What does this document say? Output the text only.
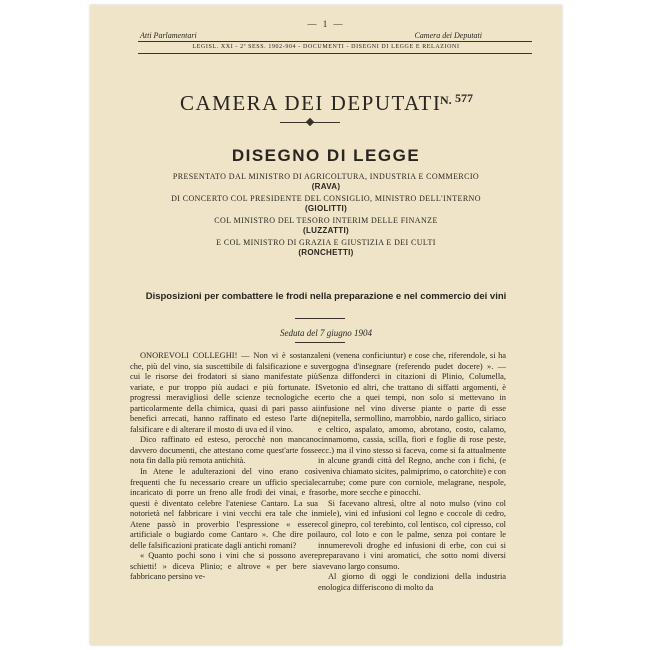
— 1 —
Atti Parlamentari	Camera dei Deputati
LEGISL. XXI - 2ª SESS. 1902-904 - DOCUMENTI - DISEGNI DI LEGGE E RELAZIONI
CAMERA DEI DEPUTATI
N. 577
DISEGNO DI LEGGE
PRESENTATO DAL MINISTRO DI AGRICOLTURA, INDUSTRIA E COMMERCIO
(RAVA)
DI CONCERTO COL PRESIDENTE DEL CONSIGLIO, MINISTRO DELL'INTERNO
(GIOLITTI)
COL MINISTRO DEL TESORO INTERIM DELLE FINANZE
(LUZZATTI)
E COL MINISTRO DI GRAZIA E GIUSTIZIA E DEI CULTI
(RONCHETTI)
Disposizioni per combattere le frodi nella preparazione e nel commercio dei vini
Seduta del 7 giugno 1904

ONOREVOLI COLLEGHI! — Non vi è sostanza che, più del vino, sia suscettibile di falsificazione e su cui le risorse dei frodatori si siano manifestate più variate, e pur troppo più audaci e più fortunate. I progressi meravigliosi delle scienze tecnologiche e particolarmente della chimica, quasi di pari passo ai benefici arrecati, hanno raffinato ed esteso l'arte di falsificare e di alterare il mosto di uva ed il vino.

Dico raffinato ed esteso, perocchè non mancano davvero documenti, che attestano come quest'arte fosse nota fin dalla più remota antichità.

In Atene le adulterazioni del vino erano così frequenti che fu necessario creare un ufficio speciale incaricato di porre un freno alle frodi dei vinai, e fra questi è diventato celebre l'ateniese Cantaro. La sua notorietà nel fabbricare i vini vecchi era tale che in Atene passò in proverbio l'espressione « essere artificiale o bugiardo come Cantaro ». Che dire poi delle falsificazioni praticate dagli antichi romani?

« Quanto pochi sono i vini che si possono avere schietti! » diceva Plinio; e altrove « per bere si fabbricano persino ve-

leni (venena conficiuntur) e cose che, riferendole, si ha vergogna d'insegnare (referendo pudet docere) ». — Senza diffonderci in citazioni di Plinio, Columella, Svetonio ed altri, che trattano di siffatti argomenti, è certo che a quei tempi, non solo si mettevano in infusione nel vino diverse piante o parte di esse (nepitella, sermollino, marrobbio, nardo gallico, siriaco e celtico, aspalato, amomo, abrotano, costo, calamo, cinnamomo, cassia, scilla, fiori e foglie di rose peste, ecc.) ma il vino stesso si faceva, come si fa attualmente in alcune grandi città del Regno, anche con i fichi, (e veniva chiamato sicites, palmiprimo, o catorchite) e con carrube; come pure con corniole, melagrane, nespole, sorbe, more secche e pinocchi.

Si facevano altresì, oltre al noto mulso (vino col miele), vini ed infusioni col legno e coccole di cedro, col ginepro, col terebinto, col lentisco, col cipresso, col lauro, col loto e con le palme, senza poi contare le innumerevoli droghe ed infusioni di erbe, con cui si preparavano i vini aromatici, che sotto nomi diversi avevano largo consumo.

Al giorno di oggi le condizioni della industria enologica differiscono di molto da
